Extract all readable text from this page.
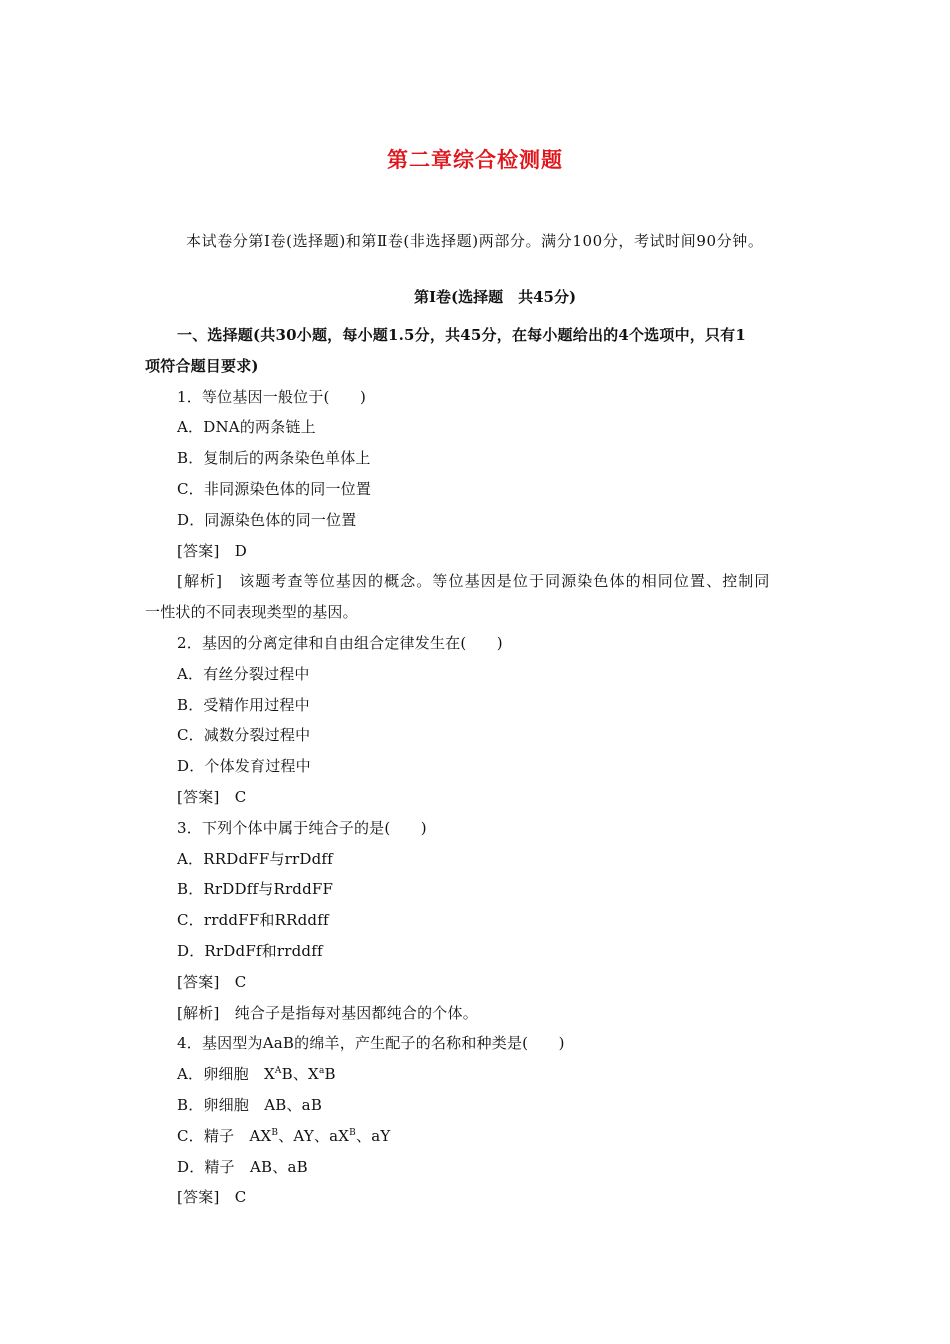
第二章综合检测题
本试卷分第Ⅰ卷(选择题)和第Ⅱ卷(非选择题)两部分。满分100分，考试时间90分钟。
第Ⅰ卷(选择题　共45分)
一、选择题(共30小题，每小题1.5分，共45分，在每小题给出的4个选项中，只有1
项符合题目要求)
1．等位基因一般位于(　　)
A．DNA的两条链上
B．复制后的两条染色单体上
C．非同源染色体的同一位置
D．同源染色体的同一位置
[答案]　D
[解析]　该题考查等位基因的概念。等位基因是位于同源染色体的相同位置、控制同
一性状的不同表现类型的基因。
2．基因的分离定律和自由组合定律发生在(　　)
A．有丝分裂过程中
B．受精作用过程中
C．减数分裂过程中
D．个体发育过程中
[答案]　C
3．下列个体中属于纯合子的是(　　)
A．RRDdFF与rrDdff
B．RrDDff与RrddFF
C．rrddFF和RRddff
D．RrDdFf和rrddff
[答案]　C
[解析]　纯合子是指每对基因都纯合的个体。
4．基因型为AaB的绵羊，产生配子的名称和种类是(　　)
A．卵细胞　$X^AB$、$X^aB$
B．卵细胞　AB、aB
C．精子　$AX^B$、AY、$aX^B$、aY
D．精子　AB、aB
[答案]　C
